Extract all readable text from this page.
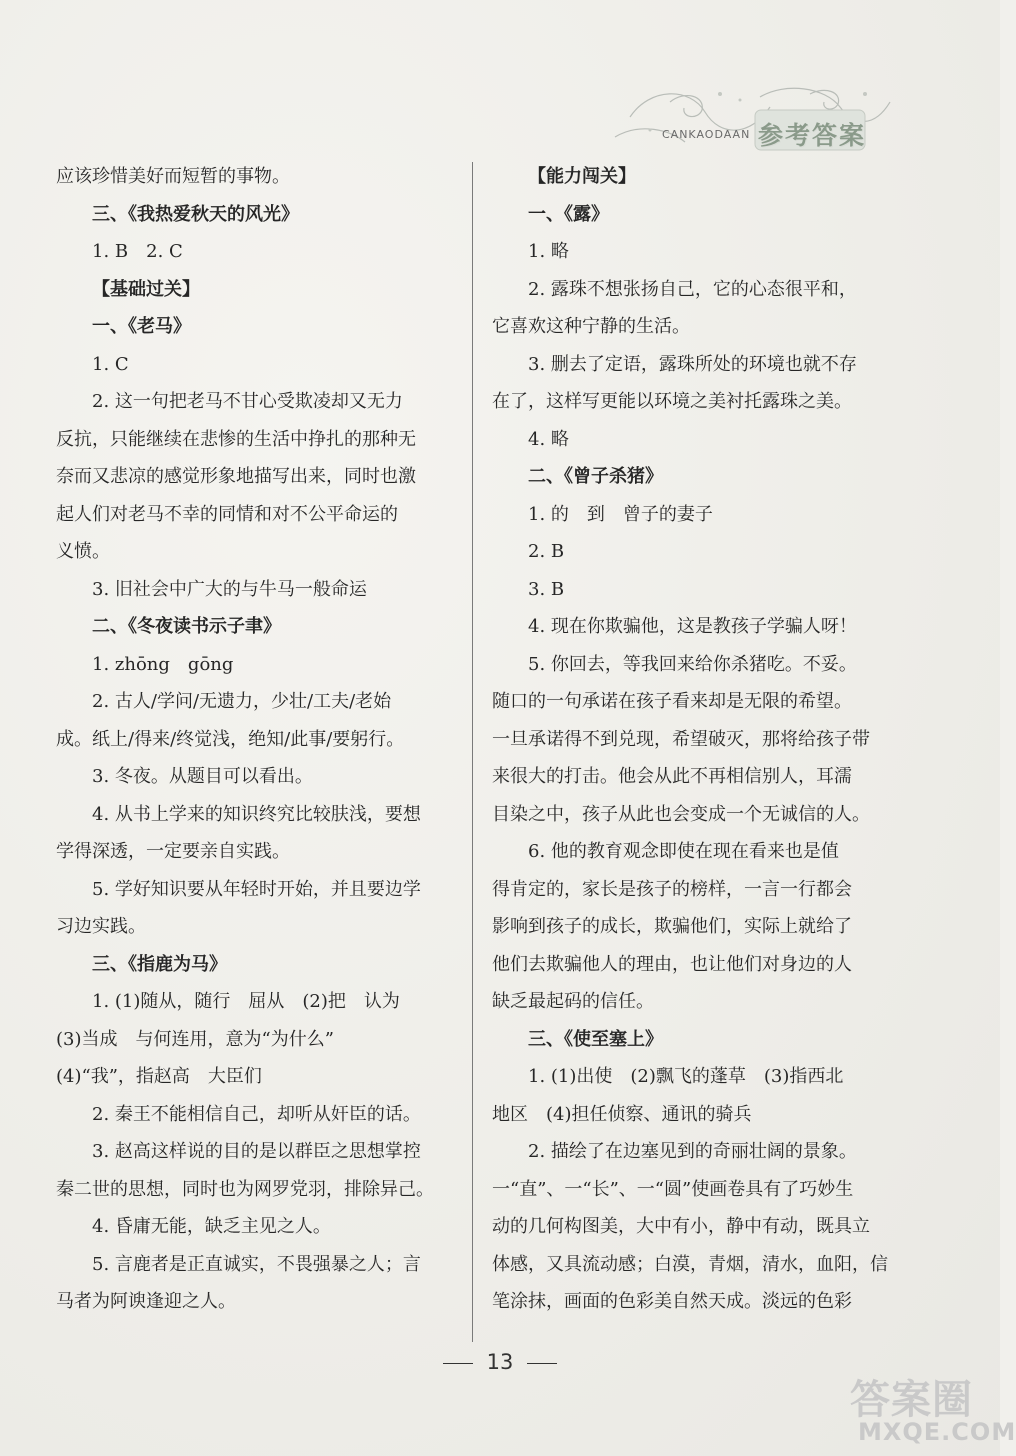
CANKAODAAN 参考答案
应该珍惜美好而短暂的事物。
三、《我热爱秋天的风光》
1. B　2. C
【基础过关】
一、《老马》
1. C
2. 这一句把老马不甘心受欺凌却又无力
反抗，只能继续在悲惨的生活中挣扎的那种无
奈而又悲凉的感觉形象地描写出来，同时也激
起人们对老马不幸的同情和对不公平命运的
义愤。
3. 旧社会中广大的与牛马一般命运
二、《冬夜读书示子聿》
1. zhōng　gōng
2. 古人/学问/无遗力，少壮/工夫/老始
成。纸上/得来/终觉浅，绝知/此事/要躬行。
3. 冬夜。从题目可以看出。
4. 从书上学来的知识终究比较肤浅，要想
学得深透，一定要亲自实践。
5. 学好知识要从年轻时开始，并且要边学
习边实践。
三、《指鹿为马》
1. (1)随从，随行　屈从　(2)把　认为
(3)当成　与何连用，意为“为什么”
(4)“我”，指赵高　大臣们
2. 秦王不能相信自己，却听从奸臣的话。
3. 赵高这样说的目的是以群臣之思想掌控
秦二世的思想，同时也为网罗党羽，排除异己。
4. 昏庸无能，缺乏主见之人。
5. 言鹿者是正直诚实，不畏强暴之人；言
马者为阿谀逢迎之人。
【能力闯关】
一、《露》
1. 略
2. 露珠不想张扬自己，它的心态很平和，
它喜欢这种宁静的生活。
3. 删去了定语，露珠所处的环境也就不存
在了，这样写更能以环境之美衬托露珠之美。
4. 略
二、《曾子杀猪》
1. 的　到　曾子的妻子
2. B
3. B
4. 现在你欺骗他，这是教孩子学骗人呀！
5. 你回去，等我回来给你杀猪吃。不妥。
随口的一句承诺在孩子看来却是无限的希望。
一旦承诺得不到兑现，希望破灭，那将给孩子带
来很大的打击。他会从此不再相信别人，耳濡
目染之中，孩子从此也会变成一个无诚信的人。
6. 他的教育观念即使在现在看来也是值
得肯定的，家长是孩子的榜样，一言一行都会
影响到孩子的成长，欺骗他们，实际上就给了
他们去欺骗他人的理由，也让他们对身边的人
缺乏最起码的信任。
三、《使至塞上》
1. (1)出使　(2)飘飞的蓬草　(3)指西北
地区　(4)担任侦察、通讯的骑兵
2. 描绘了在边塞见到的奇丽壮阔的景象。
一“直”、一“长”、一“圆”使画卷具有了巧妙生
动的几何构图美，大中有小，静中有动，既具立
体感，又具流动感；白漠，青烟，清水，血阳，信
笔涂抹，画面的色彩美自然天成。淡远的色彩
13
答案圈
MXQE.COM
